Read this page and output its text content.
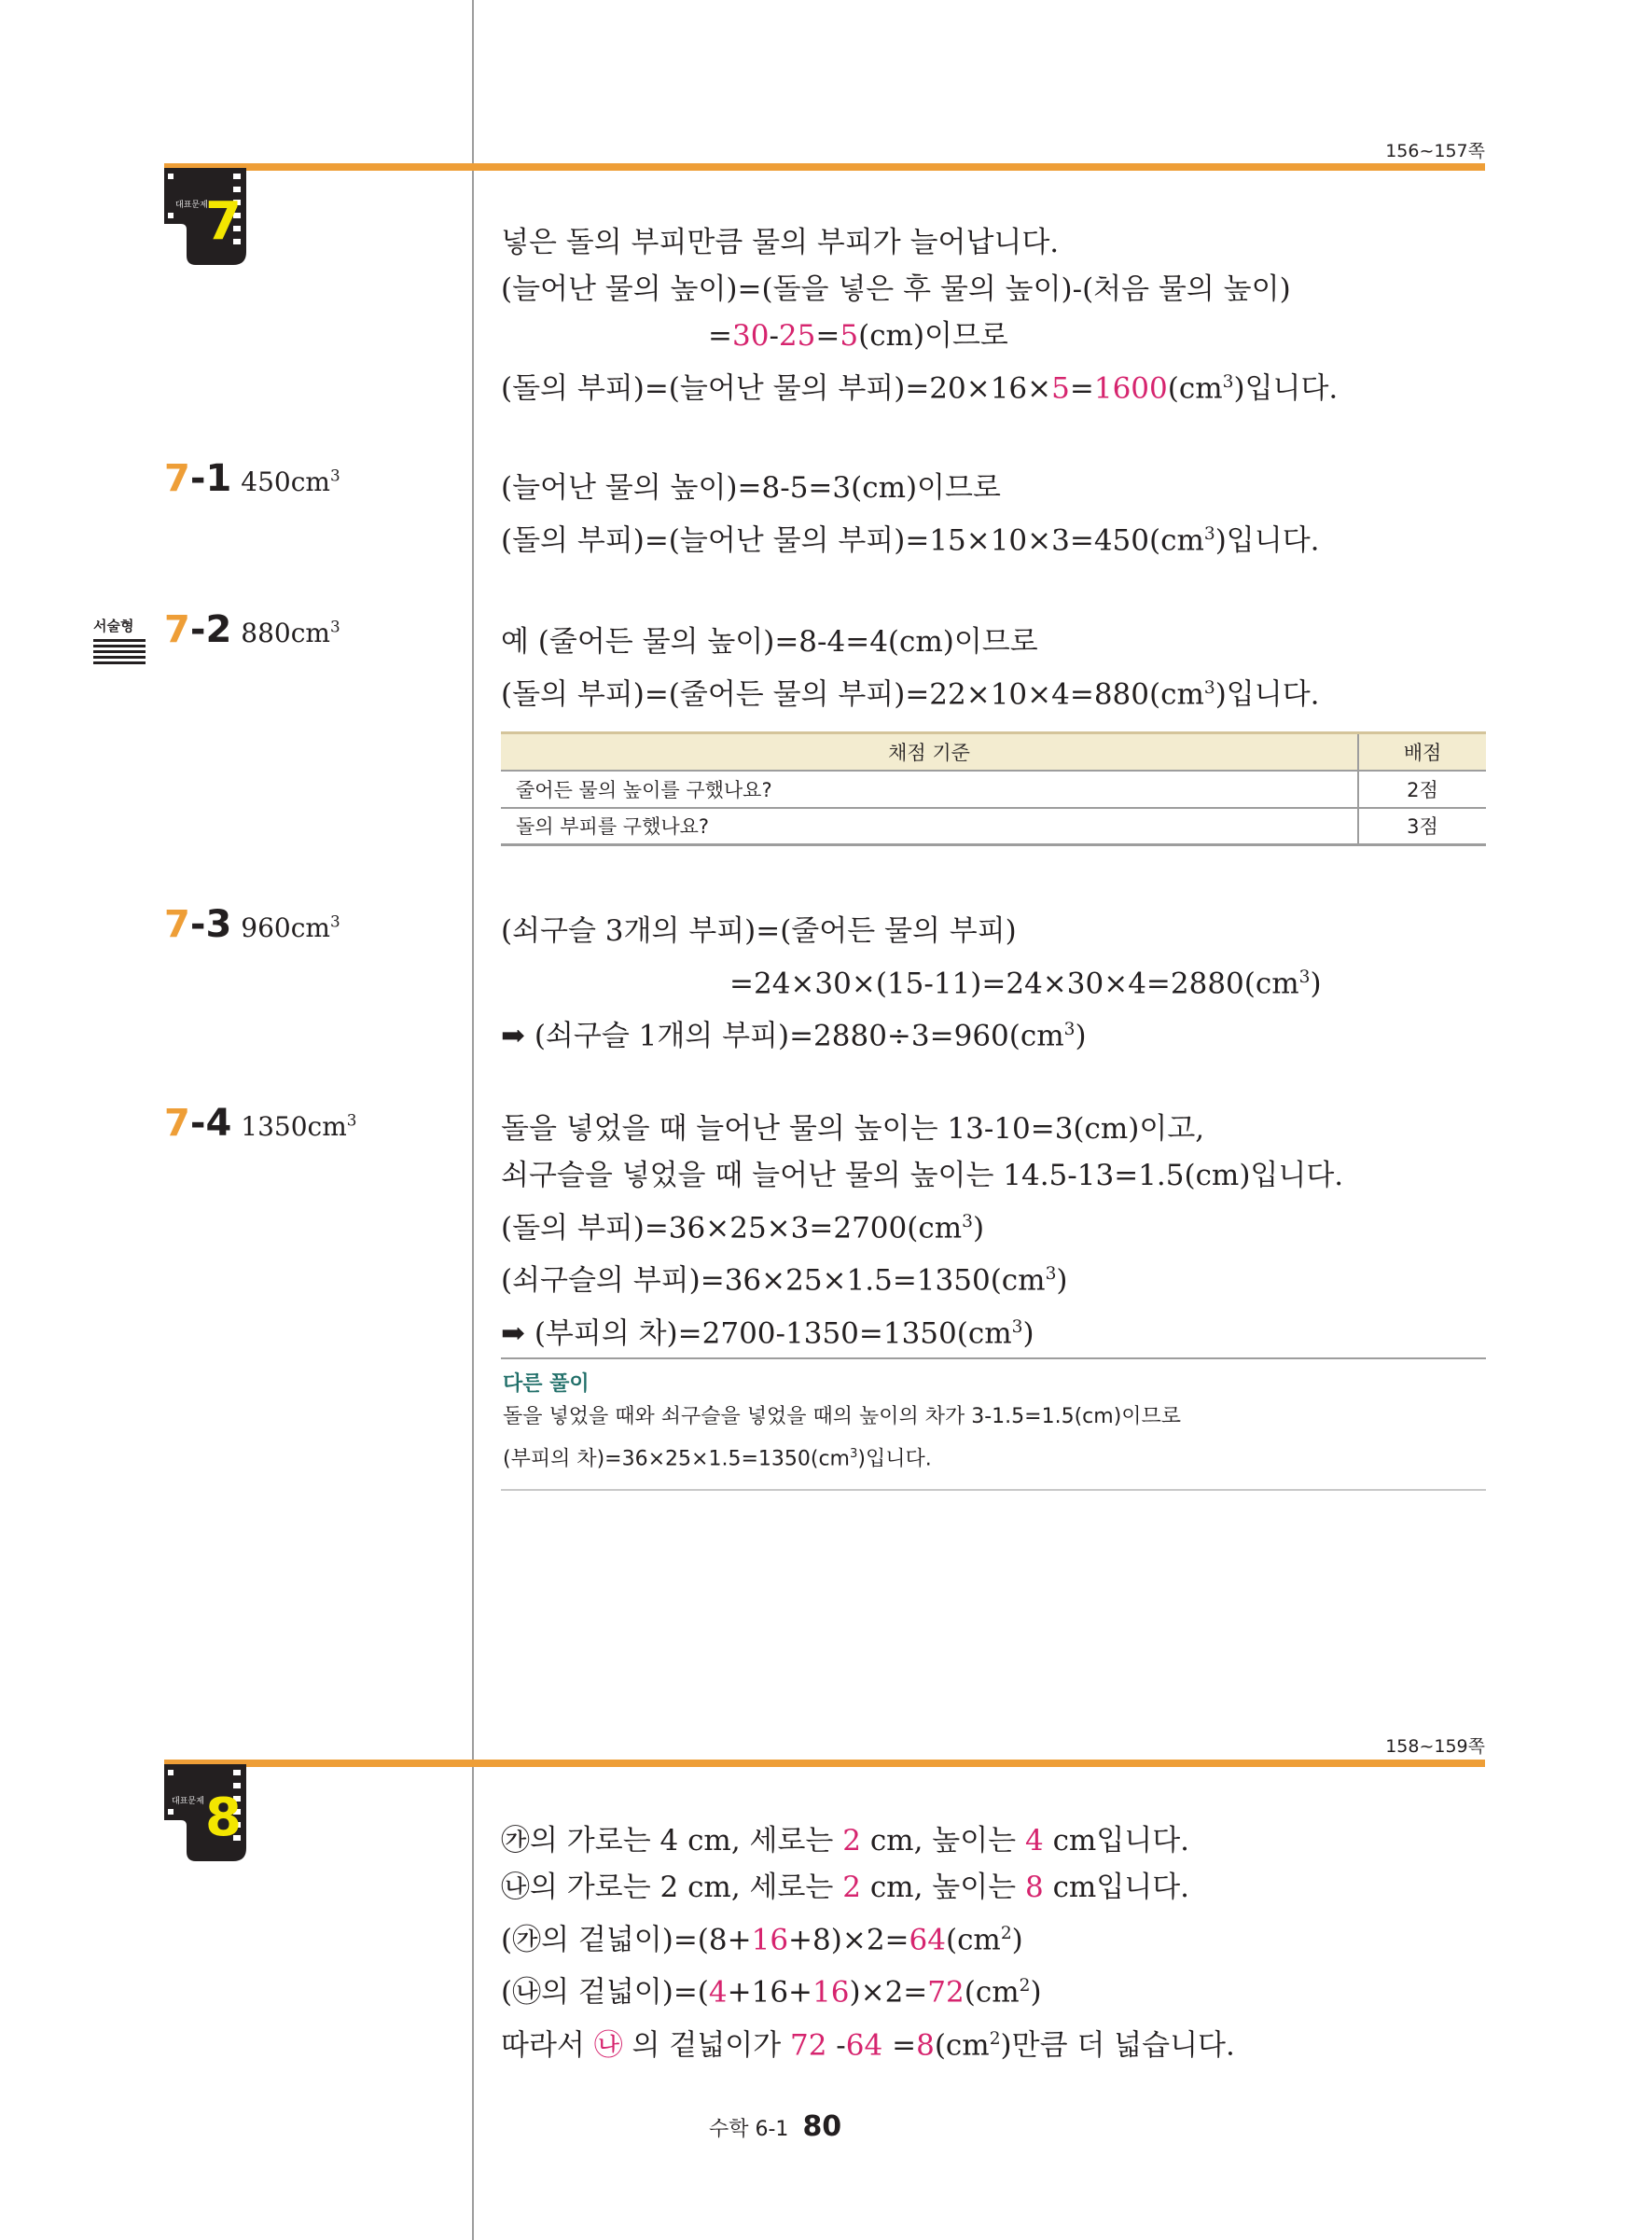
156~157쪽
대표문제
7	넣은 돌의 부피만큼 물의 부피가 늘어납니다.
(늘어난 물의 높이)=(돌을 넣은 후 물의 높이)-(처음 물의 높이)
=30-25=5(cm)이므로
(돌의 부피)=(늘어난 물의 부피)$=20\times 16\times 5=1600(cm^3)$입니다.
7-1 $450cm^3$	(늘어난 물의 높이)=8-5=3(cm)이므로
(돌의 부피)=(늘어난 물의 부피)$=15\times 10\times 3=450(cm^3)$입니다.
서술형 7-2 $880cm^3$	예 (줄어든 물의 높이)=8-4=4(cm)이므로
(돌의 부피)=(줄어든 물의 부피)$=22\times 10\times 4=880(cm^3)$입니다.
채점 기준	배점
줄어든 물의 높이를 구했나요?	2점
돌의 부피를 구했나요?	3점
7-3 $960cm^3$	(쇠구슬 3개의 부피)=(줄어든 물의 부피)
$=24\times 30\times(15-11)=24\times 30\times 4=2880(cm^3)$
➡ (쇠구슬 1개의 부피)$=2880\div 3=960(cm^3)$
7-4 $1350cm^3$	돌을 넣었을 때 늘어난 물의 높이는 13-10=3(cm)이고,
쇠구슬을 넣었을 때 늘어난 물의 높이는 14.5-13=1.5(cm)입니다.
(돌의 부피)$=36\times 25\times 3=2700(cm^3)$
(쇠구슬의 부피)$=36\times 25\times 1.5=1350(cm^3)$
➡ (부피의 차)$=2700-1350=1350(cm^3)$
다른 풀이
돌을 넣었을 때와 쇠구슬을 넣었을 때의 높이의 차가 3-1.5=1.5(cm)이므로
(부피의 차)$=36\times 25\times 1.5=1350(cm^3)$입니다.
158~159쪽
대표문제 8	㉮의 가로는 4 cm, 세로는 2 cm, 높이는 4 cm입니다.
㉯의 가로는 2 cm, 세로는 2 cm, 높이는 8 cm입니다.
(㉮의 겉넓이)$=(8+16+8)\times 2=64(cm^2)$
(㉯의 겉넓이)$=(4+16+16)\times 2=72(cm^2)$
따라서 ㉯ 의 겉넓이가 72 $-64 =8(cm^2)$만큼 더 넓습니다.
수학 6-1 80
